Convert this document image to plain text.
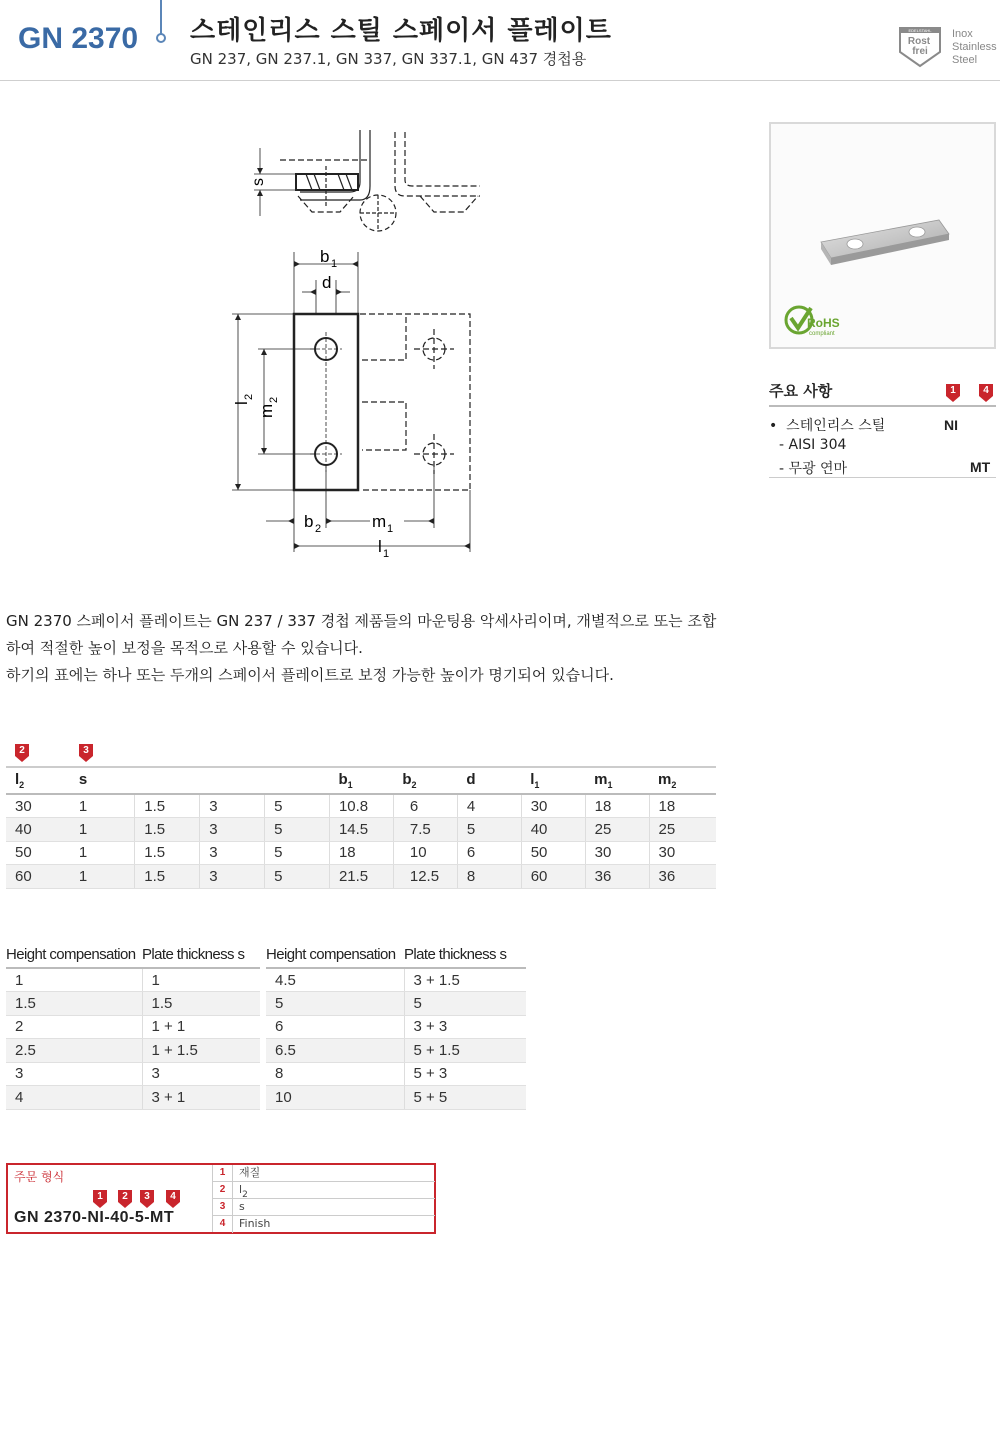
GN 2370 스테인리스 스틸 스페이서 플레이트
GN 237, GN 237.1, GN 337, GN 337.1, GN 437 경첩용
EDELSTAHL
Rost
frei
Inox
Stainless
Steel
s
b 1
d
l
2
m
2
b 2	m 1
l 1
RoHS
compliant
주요 사항	1	4
•  스테인리스 스틸	NI
- AISI 304
- 무광 연마	MT
GN 2370 스페이서 플레이트는 GN 237 / 337 경첩 제품들의 마운팅용 악세사리이며, 개별적으로 또는 조합
하여 적절한 높이 보정을 목적으로 사용할 수 있습니다.
하기의 표에는 하나 또는 두개의 스페이서 플레이트로 보정 가능한 높이가 명기되어 있습니다.
2	3
$l_2$	s				$b_1$	$b_2$	d	$l_1$	$m_1$	$m_2$
30	1	1.5	3	5	10.8	6	4	30	18	18
40	1	1.5	3	5	14.5	7.5	5	40	25	25
50	1	1.5	3	5	18	10	6	50	30	30
60	1	1.5	3	5	21.5	12.5	8	60	36	36
Height compensation	Plate thickness s
1	1
1.5	1.5
2	1 + 1
2.5	1 + 1.5
3	3
4	3 + 1
Height compensation	Plate thickness s
4.5	3 + 1.5
5	5
6	3 + 3
6.5	5 + 1.5
8	5 + 3
10	5 + 5
주문 형식
1	2	3	4
GN 2370-NI-40-5-MT
1	재질
2	$l_2$
3	s
4	Finish
